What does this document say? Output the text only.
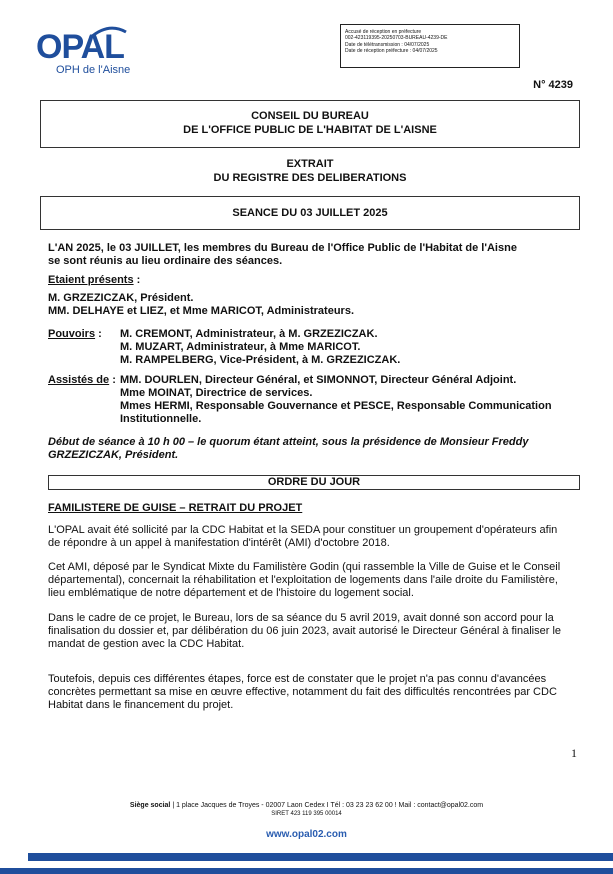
OPAL
OPH de l'Aisne
Accusé de réception en préfecture
002-423119395-20250703-BUREAU-4239-DE
Date de télétransmission : 04/07/2025
Date de réception préfecture : 04/07/2025
N° 4239
CONSEIL DU BUREAU
DE L'OFFICE PUBLIC DE L'HABITAT DE L'AISNE
EXTRAIT
DU REGISTRE DES DELIBERATIONS
SEANCE DU 03 JUILLET 2025
L'AN 2025, le 03 JUILLET, les membres du Bureau de l'Office Public de l'Habitat de l'Aisne
se sont réunis au lieu ordinaire des séances.
Etaient présents :
M. GRZEZICZAK, Président.
MM. DELHAYE et LIEZ, et Mme MARICOT, Administrateurs.
Pouvoirs : M. CREMONT, Administrateur, à M. GRZEZICZAK.
M. MUZART, Administrateur, à Mme MARICOT.
M. RAMPELBERG, Vice-Président, à M. GRZEZICZAK.
Assistés de : MM. DOURLEN, Directeur Général, et SIMONNOT, Directeur Général Adjoint.
Mme MOINAT, Directrice de services.
Mmes HERMI, Responsable Gouvernance et PESCE, Responsable Communication
Institutionnelle.
Début de séance à 10 h 00 – le quorum étant atteint, sous la présidence de Monsieur Freddy
GRZEZICZAK, Président.
ORDRE DU JOUR
FAMILISTERE DE GUISE – RETRAIT DU PROJET
L'OPAL avait été sollicité par la CDC Habitat et la SEDA pour constituer un groupement d'opérateurs afin
de répondre à un appel à manifestation d'intérêt (AMI) d'octobre 2018.
Cet AMI, déposé par le Syndicat Mixte du Familistère Godin (qui rassemble la Ville de Guise et le Conseil
départemental), concernait la réhabilitation et l'exploitation de logements dans l'aile droite du Familistère,
lieu emblématique de notre département et de l'histoire du logement social.
Dans le cadre de ce projet, le Bureau, lors de sa séance du 5 avril 2019, avait donné son accord pour la
finalisation du dossier et, par délibération du 06 juin 2023, avait autorisé le Directeur Général à finaliser le
mandat de gestion avec la CDC Habitat.
Toutefois, depuis ces différentes étapes, force est de constater que le projet n'a pas connu d'avancées
concrètes permettant sa mise en œuvre effective, notamment du fait des difficultés rencontrées par CDC
Habitat dans le financement du projet.
1
Siège social | 1 place Jacques de Troyes - 02007 Laon Cedex I Tél : 03 23 23 62 00 ! Mail : contact@opal02.com
SIRET 423 119 395 00014
www.opal02.com
